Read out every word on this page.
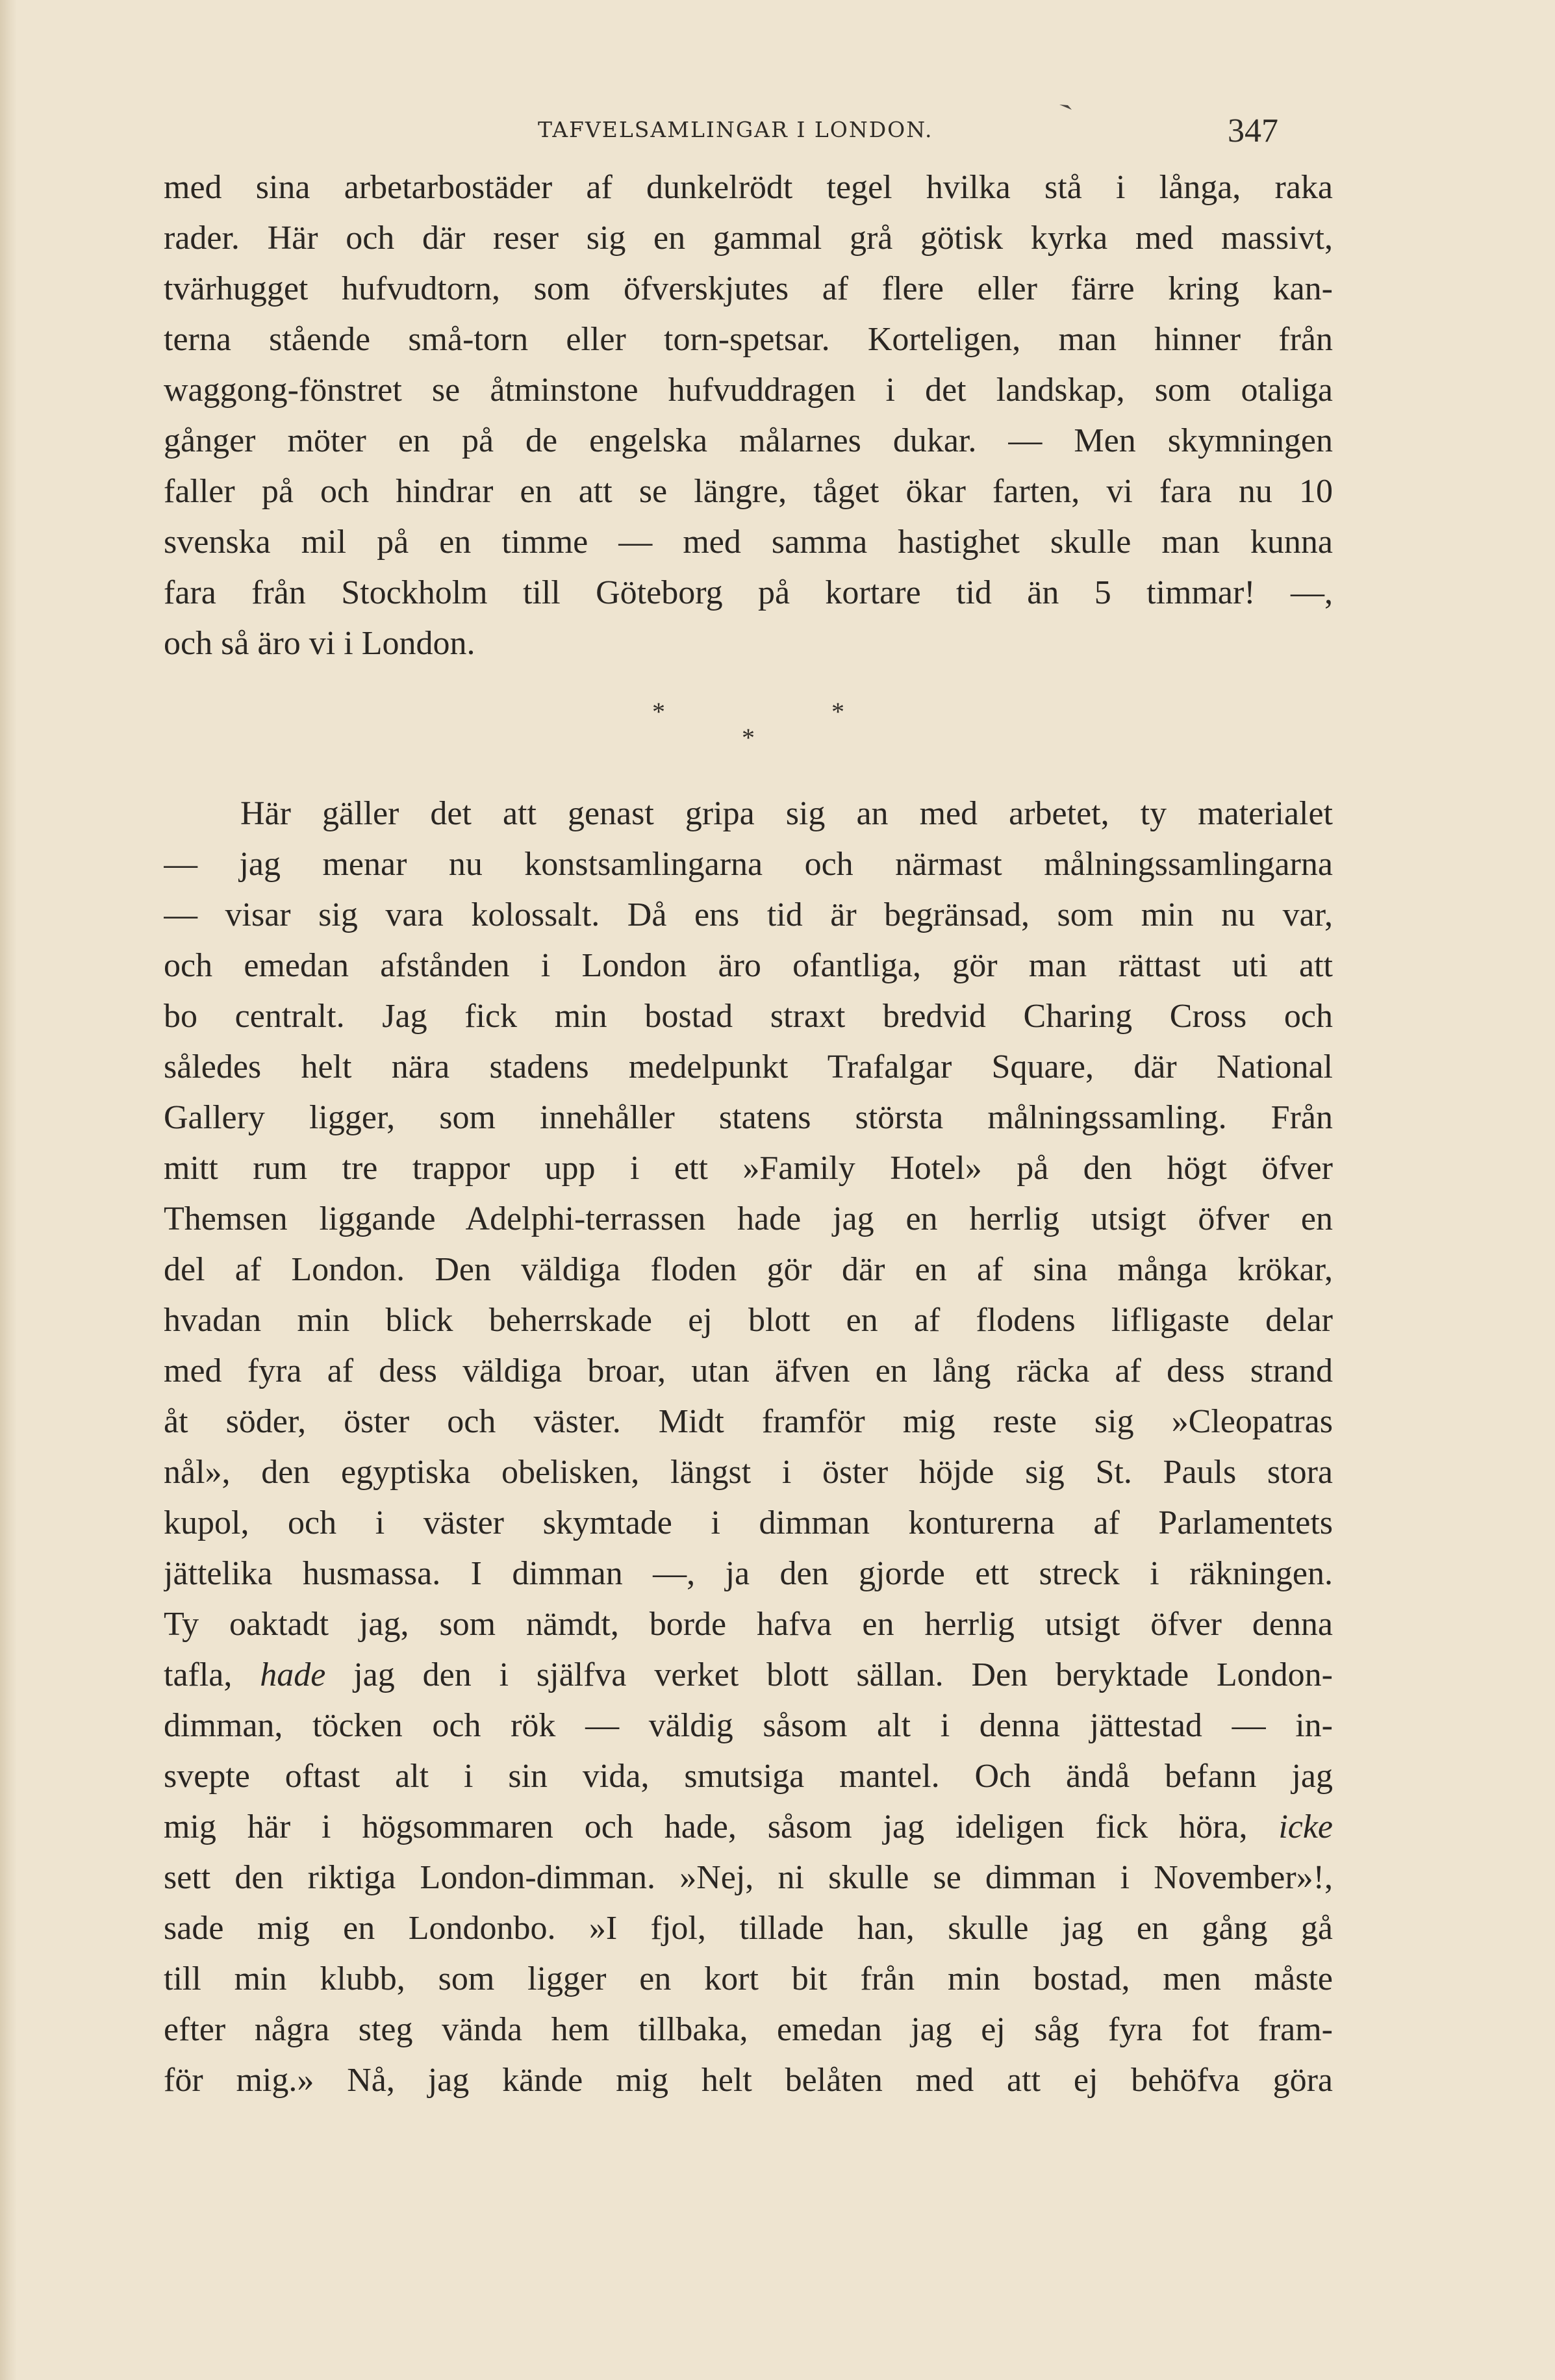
TAFVELSAMLINGAR I LONDON.	347
med sina arbetarbostäder af dunkelrödt tegel hvilka stå i långa, raka
rader. Här och där reser sig en gammal grå götisk kyrka med massivt,
tvärhugget hufvudtorn, som öfverskjutes af flere eller färre kring kan-
terna stående små-torn eller torn-spetsar. Korteligen, man hinner från
waggong-fönstret se åtminstone hufvuddragen i det landskap, som otaliga
gånger möter en på de engelska målarnes dukar. — Men skymningen
faller på och hindrar en att se längre, tåget ökar farten, vi fara nu 10
svenska mil på en timme — med samma hastighet skulle man kunna
fara från Stockholm till Göteborg på kortare tid än 5 timmar! —,
och så äro vi i London.
*
*
*
Här gäller det att genast gripa sig an med arbetet, ty materialet
— jag menar nu konstsamlingarna och närmast målningssamlingarna
— visar sig vara kolossalt. Då ens tid är begränsad, som min nu var,
och emedan afstånden i London äro ofantliga, gör man rättast uti att
bo centralt. Jag fick min bostad straxt bredvid Charing Cross och
således helt nära stadens medelpunkt Trafalgar Square, där National
Gallery ligger, som innehåller statens största målningssamling. Från
mitt rum tre trappor upp i ett »Family Hotel» på den högt öfver
Themsen liggande Adelphi-terrassen hade jag en herrlig utsigt öfver en
del af London. Den väldiga floden gör där en af sina många krökar,
hvadan min blick beherrskade ej blott en af flodens lifligaste delar
med fyra af dess väldiga broar, utan äfven en lång räcka af dess strand
åt söder, öster och väster. Midt framför mig reste sig »Cleopatras
nål», den egyptiska obelisken, längst i öster höjde sig St. Pauls stora
kupol, och i väster skymtade i dimman konturerna af Parlamentets
jättelika husmassa. I dimman —, ja den gjorde ett streck i räkningen.
Ty oaktadt jag, som nämdt, borde hafva en herrlig utsigt öfver denna
tafla, hade jag den i själfva verket blott sällan. Den beryktade London-
dimman, töcken och rök — väldig såsom alt i denna jättestad — in-
svepte oftast alt i sin vida, smutsiga mantel. Och ändå befann jag
mig här i högsommaren och hade, såsom jag ideligen fick höra, icke
sett den riktiga London-dimman. »Nej, ni skulle se dimman i November»!,
sade mig en Londonbo. »I fjol, tillade han, skulle jag en gång gå
till min klubb, som ligger en kort bit från min bostad, men måste
efter några steg vända hem tillbaka, emedan jag ej såg fyra fot fram-
för mig.» Nå, jag kände mig helt belåten med att ej behöfva göra
